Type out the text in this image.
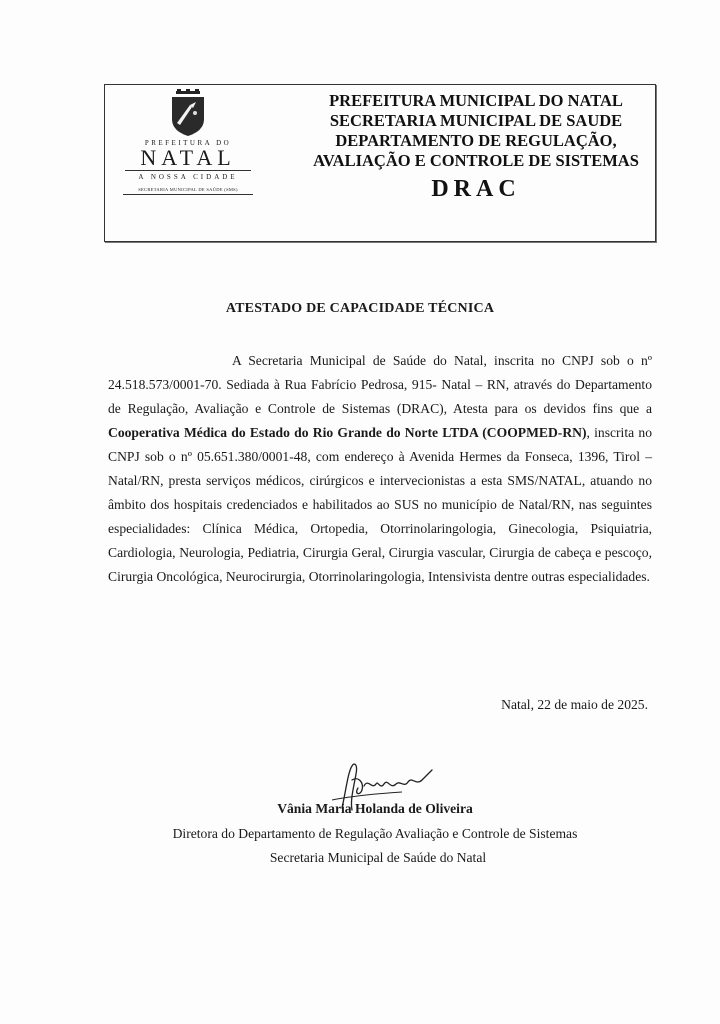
PREFEITURA DO
NATAL
A NOSSA CIDADE
SECRETARIA MUNICIPAL DE SAÚDE (SMS)
PREFEITURA MUNICIPAL DO NATAL
SECRETARIA MUNICIPAL DE SAUDE
DEPARTAMENTO DE REGULAÇÃO,
AVALIAÇÃO E CONTROLE DE SISTEMAS
DRAC
ATESTADO DE CAPACIDADE TÉCNICA
A Secretaria Municipal de Saúde do Natal, inscrita no CNPJ sob o nº 24.518.573/0001-70. Sediada à Rua Fabrício Pedrosa, 915- Natal – RN, através do Departamento de Regulação, Avaliação e Controle de Sistemas (DRAC), Atesta para os devidos fins que a Cooperativa Médica do Estado do Rio Grande do Norte LTDA (COOPMED-RN), inscrita no CNPJ sob o nº 05.651.380/0001-48, com endereço à Avenida Hermes da Fonseca, 1396, Tirol – Natal/RN, presta serviços médicos, cirúrgicos e intervecionistas a esta SMS/NATAL, atuando no âmbito dos hospitais credenciados e habilitados ao SUS no município de Natal/RN, nas seguintes especialidades: Clínica Médica, Ortopedia, Otorrinolaringologia, Ginecologia, Psiquiatria, Cardiologia, Neurologia, Pediatria, Cirurgia Geral, Cirurgia vascular, Cirurgia de cabeça e pescoço, Cirurgia Oncológica, Neurocirurgia, Otorrinolaringologia, Intensivista dentre outras especialidades.
Natal, 22 de maio de 2025.
Vânia Maria Holanda de Oliveira
Diretora do Departamento de Regulação Avaliação e Controle de Sistemas
Secretaria Municipal de Saúde do Natal
